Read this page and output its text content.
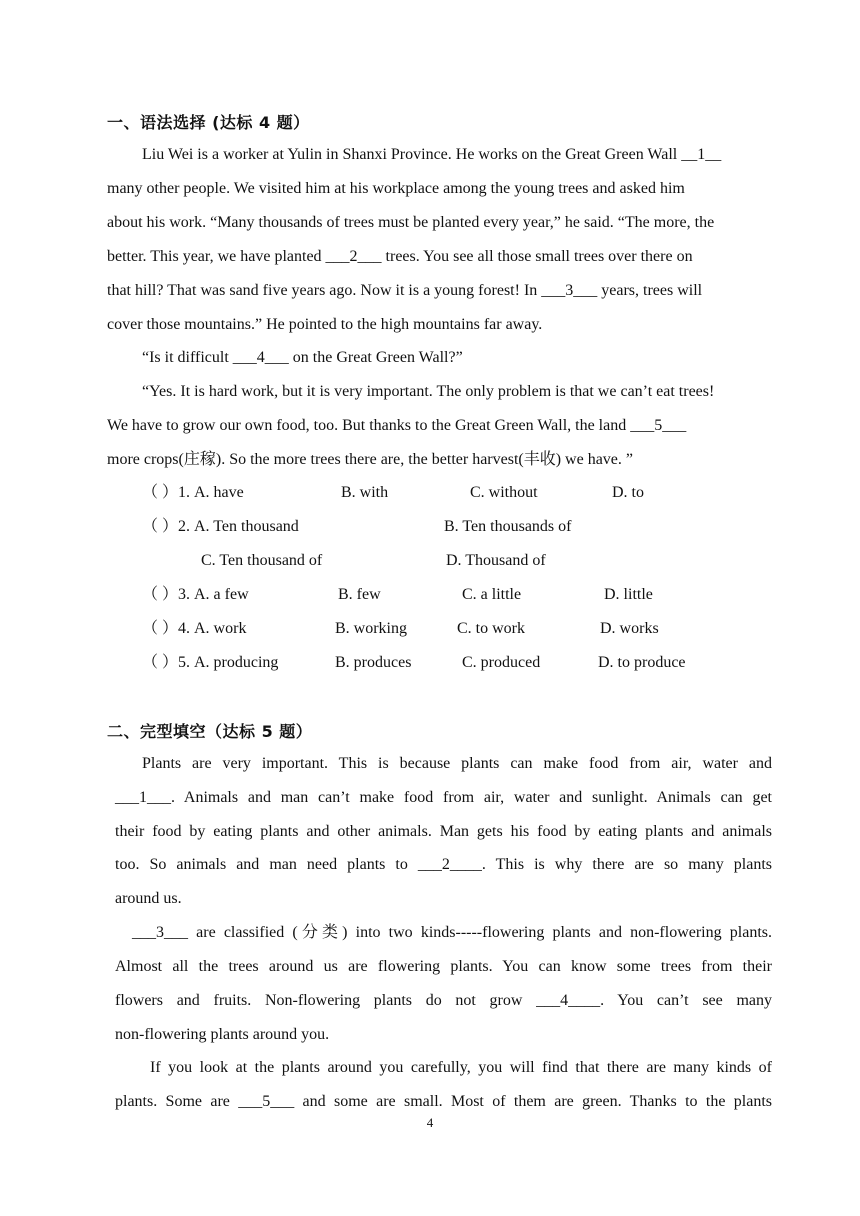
一、语法选择 (达标 4 题）
Liu Wei is a worker at Yulin in Shanxi Province. He works on the Great Green Wall __1__
many other people. We visited him at his workplace among the young trees and asked him
about his work. “Many thousands of trees must be planted every year,” he said. “The more, the
better. This year, we have planted ___2___ trees. You see all those small trees over there on
that hill? That was sand five years ago. Now it is a young forest! In ___3___ years, trees will
cover those mountains.” He pointed to the high mountains far away.
“Is it difficult ___4___ on the Great Green Wall?”
“Yes. It is hard work, but it is very important. The only problem is that we can’t eat trees!
We have to grow our own food, too. But thanks to the Great Green Wall, the land ___5___
more crops(庄稼). So the more trees there are, the better harvest(丰收) we have. ”
（ ）1. A. have	B. with	C. without	D. to
（ ）2. A. Ten thousand	B. Ten thousands of
C. Ten thousand of	D. Thousand of
（ ）3. A. a few	B. few	C. a little	D. little
（ ）4. A. work	B. working	C. to work	D. works
（ ）5. A. producing	B. produces	C. produced	D. to produce
二、完型填空（达标 5 题）
Plants are very important. This is because plants can make food from air, water and
___1___. Animals and man can’t make food from air, water and sunlight. Animals can get
their food by eating plants and other animals. Man gets his food by eating plants and animals
too. So animals and man need plants to ___2____. This is why there are so many plants
around us.
___3___ are classified (分类) into two kinds-----flowering plants and non-flowering plants.
Almost all the trees around us are flowering plants. You can know some trees from their
flowers and fruits. Non-flowering plants do not grow ___4____. You can’t see many
non-flowering plants around you.
If you look at the plants around you carefully, you will find that there are many kinds of
plants. Some are ___5___ and some are small. Most of them are green. Thanks to the plants
4
